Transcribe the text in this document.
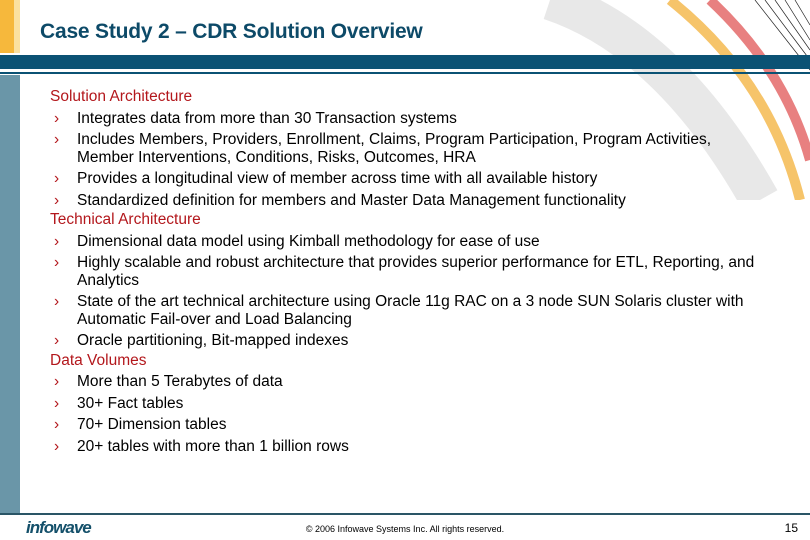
Case Study 2 – CDR Solution Overview
Solution Architecture
› Integrates data from more than 30 Transaction systems
› Includes Members, Providers, Enrollment, Claims, Program Participation, Program Activities, Member Interventions, Conditions, Risks, Outcomes, HRA
› Provides a longitudinal view of member across time with all available history
› Standardized definition for members and Master Data Management functionality
Technical Architecture
› Dimensional data model using Kimball methodology for ease of use
› Highly scalable and robust architecture that provides superior performance for ETL, Reporting, and Analytics
› State of the art technical architecture using Oracle 11g RAC on a 3 node SUN Solaris cluster with Automatic Fail-over and Load Balancing
› Oracle partitioning, Bit-mapped indexes
Data Volumes
› More than 5 Terabytes of data
› 30+ Fact tables
› 70+ Dimension tables
› 20+ tables with more than 1 billion rows
infowave	© 2006 Infowave Systems Inc. All rights reserved.	15
